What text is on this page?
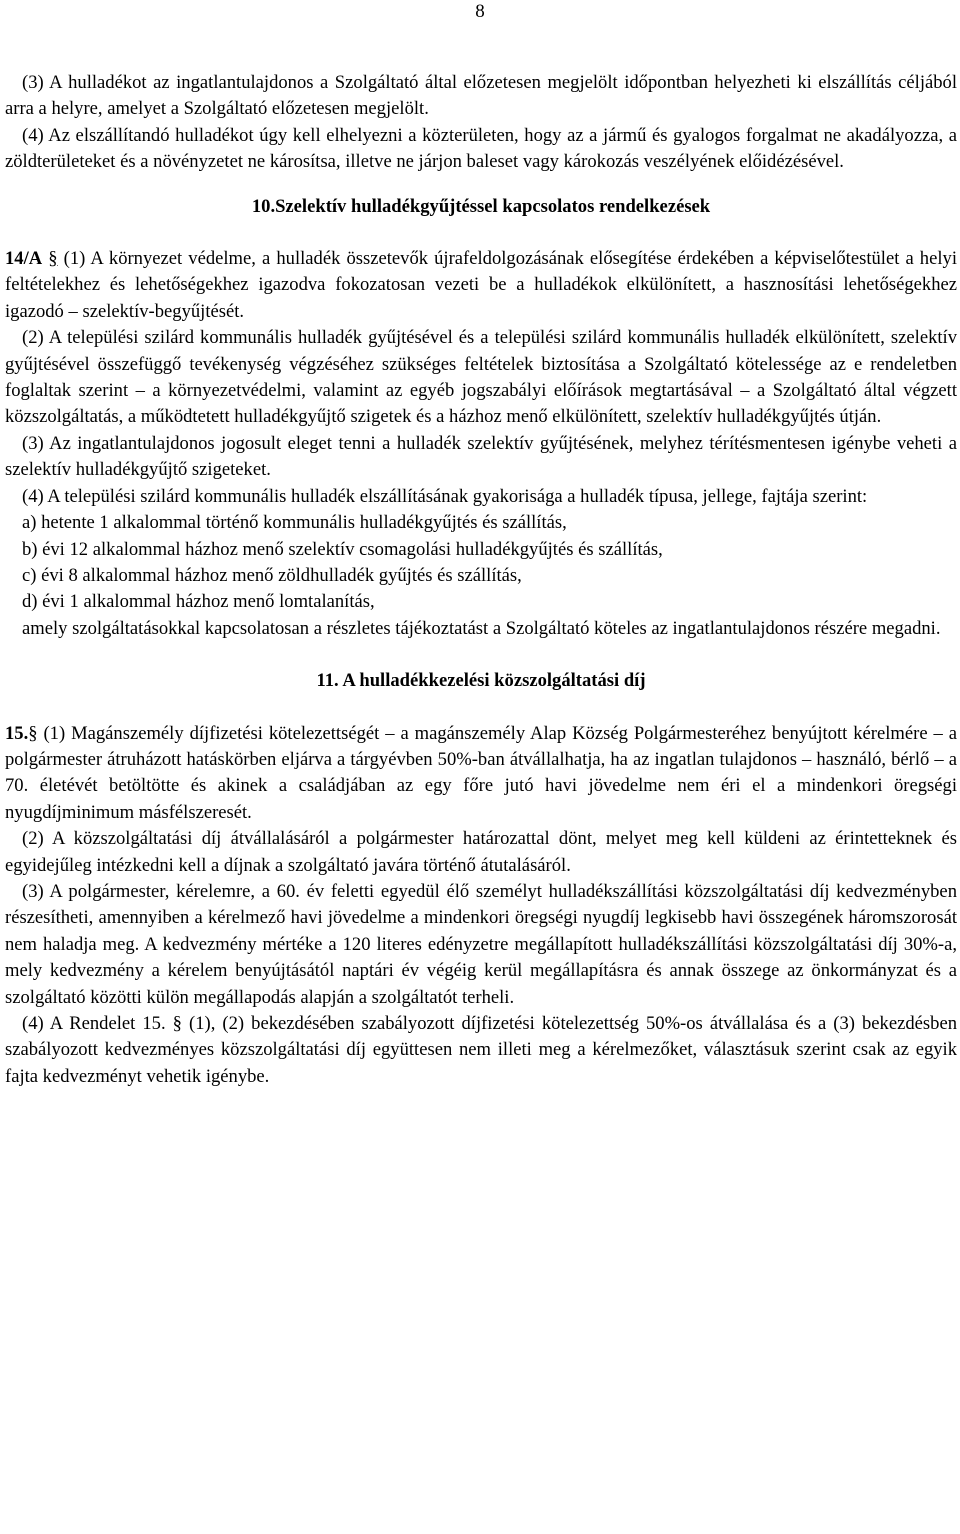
8

(3) A hulladékot az ingatlantulajdonos a Szolgáltató által előzetesen megjelölt időpontban helyezheti ki elszállítás céljából arra a helyre, amelyet a Szolgáltató előzetesen megjelölt.

(4) Az elszállítandó hulladékot úgy kell elhelyezni a közterületen, hogy az a jármű és gyalogos forgalmat ne akadályozza, a zöldterületeket és a növényzetet ne károsítsa, illetve ne járjon baleset vagy károkozás veszélyének előidézésével.

10.Szelektív hulladékgyűjtéssel kapcsolatos rendelkezések

14/A § (1) A környezet védelme, a hulladék összetevők újrafeldolgozásának elősegítése érdekében a képviselőtestület a helyi feltételekhez és lehetőségekhez igazodva fokozatosan vezeti be a hulladékok elkülönített, a hasznosítási lehetőségekhez igazodó – szelektív-begyűjtését.

(2) A települési szilárd kommunális hulladék gyűjtésével és a települési szilárd kommunális hulladék elkülönített, szelektív gyűjtésével összefüggő tevékenység végzéséhez szükséges feltételek biztosítása a Szolgáltató kötelessége az e rendeletben foglaltak szerint – a környezetvédelmi, valamint az egyéb jogszabályi előírások megtartásával – a Szolgáltató által végzett közszolgáltatás, a működtetett hulladékgyűjtő szigetek és a házhoz menő elkülönített, szelektív hulladékgyűjtés útján.

(3) Az ingatlantulajdonos jogosult eleget tenni a hulladék szelektív gyűjtésének, melyhez térítésmentesen igénybe veheti a szelektív hulladékgyűjtő szigeteket.

(4) A települési szilárd kommunális hulladék elszállításának gyakorisága a hulladék típusa, jellege, fajtája szerint:

a) hetente 1 alkalommal történő kommunális hulladékgyűjtés és szállítás,

b) évi 12 alkalommal házhoz menő szelektív csomagolási hulladékgyűjtés és szállítás,

c) évi 8 alkalommal házhoz menő zöldhulladék gyűjtés és szállítás,

d) évi 1 alkalommal házhoz menő lomtalanítás,

amely szolgáltatásokkal kapcsolatosan a részletes tájékoztatást a Szolgáltató köteles az ingatlantulajdonos részére megadni.

11. A hulladékkezelési közszolgáltatási díj

15.§ (1) Magánszemély díjfizetési kötelezettségét – a magánszemély Alap Község Polgármesteréhez benyújtott kérelmére – a polgármester átruházott hatáskörben eljárva a tárgyévben 50%-ban átvállalhatja, ha az ingatlan tulajdonos – használó, bérlő – a 70. életévét betöltötte és akinek a családjában az egy főre jutó havi jövedelme nem éri el a mindenkori öregségi nyugdíjminimum másfélszeresét.

(2) A közszolgáltatási díj átvállalásáról a polgármester határozattal dönt, melyet meg kell küldeni az érintetteknek és egyidejűleg intézkedni kell a díjnak a szolgáltató javára történő átutalásáról.

(3) A polgármester, kérelemre, a 60. év feletti egyedül élő személyt hulladékszállítási közszolgáltatási díj kedvezményben részesítheti, amennyiben a kérelmező havi jövedelme a mindenkori öregségi nyugdíj legkisebb havi összegének háromszorosát nem haladja meg. A kedvezmény mértéke a 120 literes edényzetre megállapított hulladékszállítási közszolgáltatási díj 30%-a, mely kedvezmény a kérelem benyújtásától naptári év végéig kerül megállapításra és annak összege az önkormányzat és a szolgáltató közötti külön megállapodás alapján a szolgáltatót terheli.

(4) A Rendelet 15. § (1), (2) bekezdésében szabályozott díjfizetési kötelezettség 50%-os átvállalása és a (3) bekezdésben szabályozott kedvezményes közszolgáltatási díj együttesen nem illeti meg a kérelmezőket, választásuk szerint csak az egyik fajta kedvezményt vehetik igénybe.
